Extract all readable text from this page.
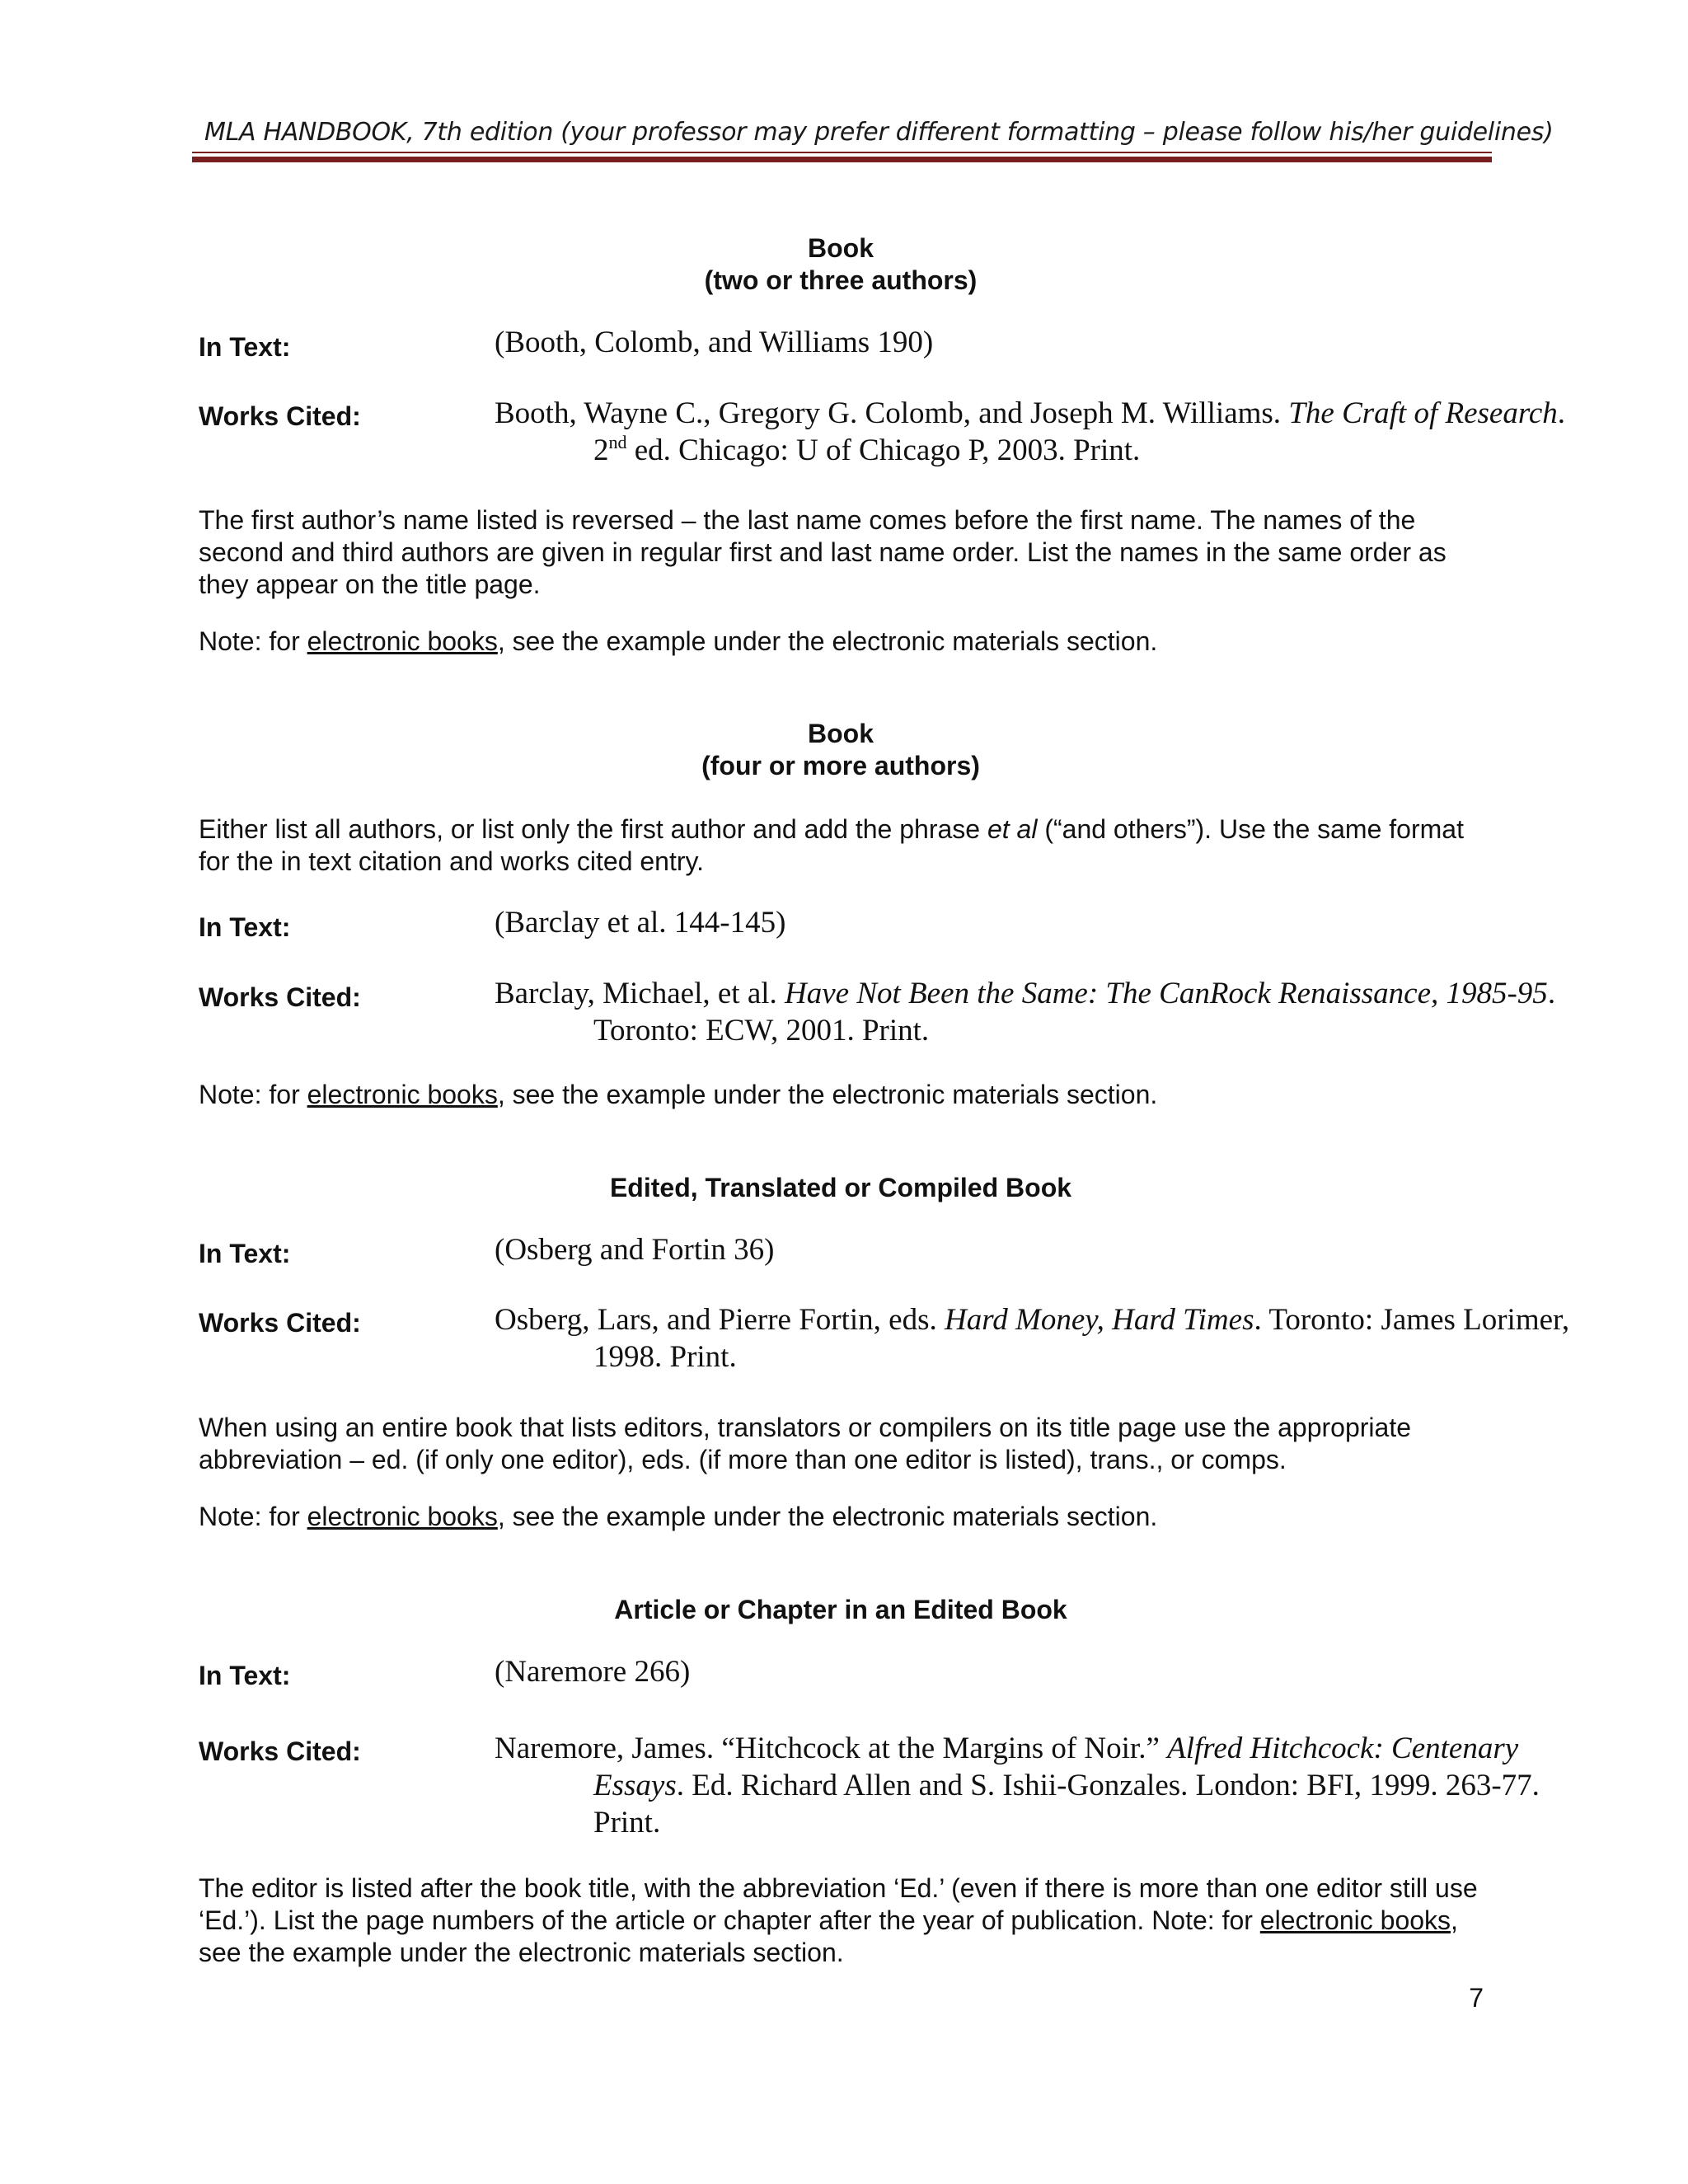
MLA HANDBOOK, 7th edition (your professor may prefer different formatting – please follow his/her guidelines)
Book
(two or three authors)
In Text:	(Booth, Colomb, and Williams 190)
Works Cited:	Booth, Wayne C., Gregory G. Colomb, and Joseph M. Williams. The Craft of Research. 2nd ed. Chicago: U of Chicago P, 2003. Print.
The first author’s name listed is reversed – the last name comes before the first name. The names of the second and third authors are given in regular first and last name order. List the names in the same order as they appear on the title page.
Note: for electronic books, see the example under the electronic materials section.
Book
(four or more authors)
Either list all authors, or list only the first author and add the phrase et al (“and others”). Use the same format for the in text citation and works cited entry.
In Text:	(Barclay et al. 144-145)
Works Cited:	Barclay, Michael, et al. Have Not Been the Same: The CanRock Renaissance, 1985-95. Toronto: ECW, 2001. Print.
Note: for electronic books, see the example under the electronic materials section.
Edited, Translated or Compiled Book
In Text:	(Osberg and Fortin 36)
Works Cited:	Osberg, Lars, and Pierre Fortin, eds. Hard Money, Hard Times. Toronto: James Lorimer, 1998. Print.
When using an entire book that lists editors, translators or compilers on its title page use the appropriate abbreviation – ed. (if only one editor), eds. (if more than one editor is listed), trans., or comps.
Note: for electronic books, see the example under the electronic materials section.
Article or Chapter in an Edited Book
In Text:	(Naremore 266)
Works Cited:	Naremore, James. “Hitchcock at the Margins of Noir.” Alfred Hitchcock: Centenary Essays. Ed. Richard Allen and S. Ishii-Gonzales. London: BFI, 1999. 263-77. Print.
The editor is listed after the book title, with the abbreviation ‘Ed.’ (even if there is more than one editor still use ‘Ed.’). List the page numbers of the article or chapter after the year of publication. Note: for electronic books, see the example under the electronic materials section.
7
